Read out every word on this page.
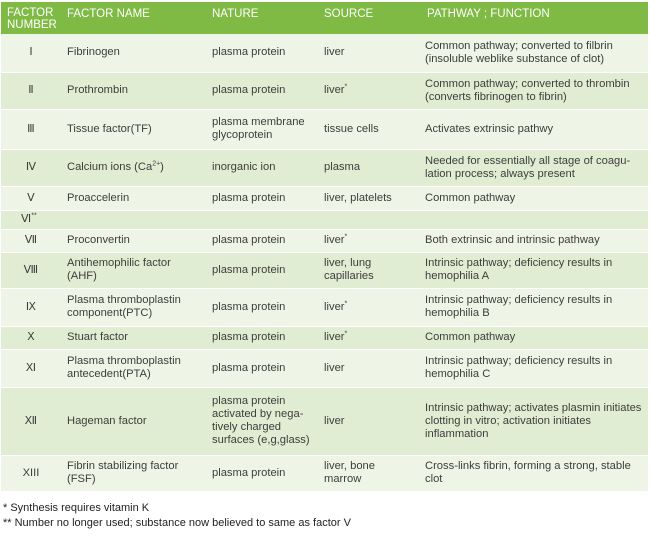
FACTOR NUMBER	FACTOR NAME	NATURE	SOURCE	PATHWAY ; FUNCTION
Ⅰ	Fibrinogen	plasma protein	liver	Common pathway; converted to filbrin (insoluble weblike substance of clot)
Ⅱ	Prothrombin	plasma protein	liver*	Common pathway; converted to thrombin (converts fibrinogen to fibrin)
Ⅲ	Tissue factor(TF)	plasma membrane glycoprotein	tissue cells	Activates extrinsic pathwy
Ⅳ	Calcium ions $(Ca^{2+})$	inorganic ion	plasma	Needed for essentially all stage of coagu-lation process; always present
Ⅴ	Proaccelerin	plasma protein	liver, platelets	Common pathway
Ⅵ**				
Ⅶ	Proconvertin	plasma protein	liver*	Both extrinsic and intrinsic pathway
Ⅷ	Antihemophilic factor (AHF)	plasma protein	liver, lung capillaries	Intrinsic pathway; deficiency results in hemophilia A
Ⅸ	Plasma thromboplastin component(PTC)	plasma protein	liver*	Intrinsic pathway; deficiency results in hemophilia B
Ⅹ	Stuart factor	plasma protein	liver*	Common pathway
Ⅺ	Plasma thromboplastin antecedent(PTA)	plasma protein	liver	Intrinsic pathway; deficiency results in hemophilia C
Ⅻ	Hageman factor	plasma protein activated by nega-tively charged surfaces (e,g,glass)	liver	Intrinsic pathway; activates plasmin initiates clotting in vitro; activation initiates inflammation
XIII	Fibrin stabilizing factor (FSF)	plasma protein	liver, bone marrow	Cross-links fibrin, forming a strong, stable clot
* Synthesis requires vitamin K
** Number no longer used; substance now believed to same as factor V
